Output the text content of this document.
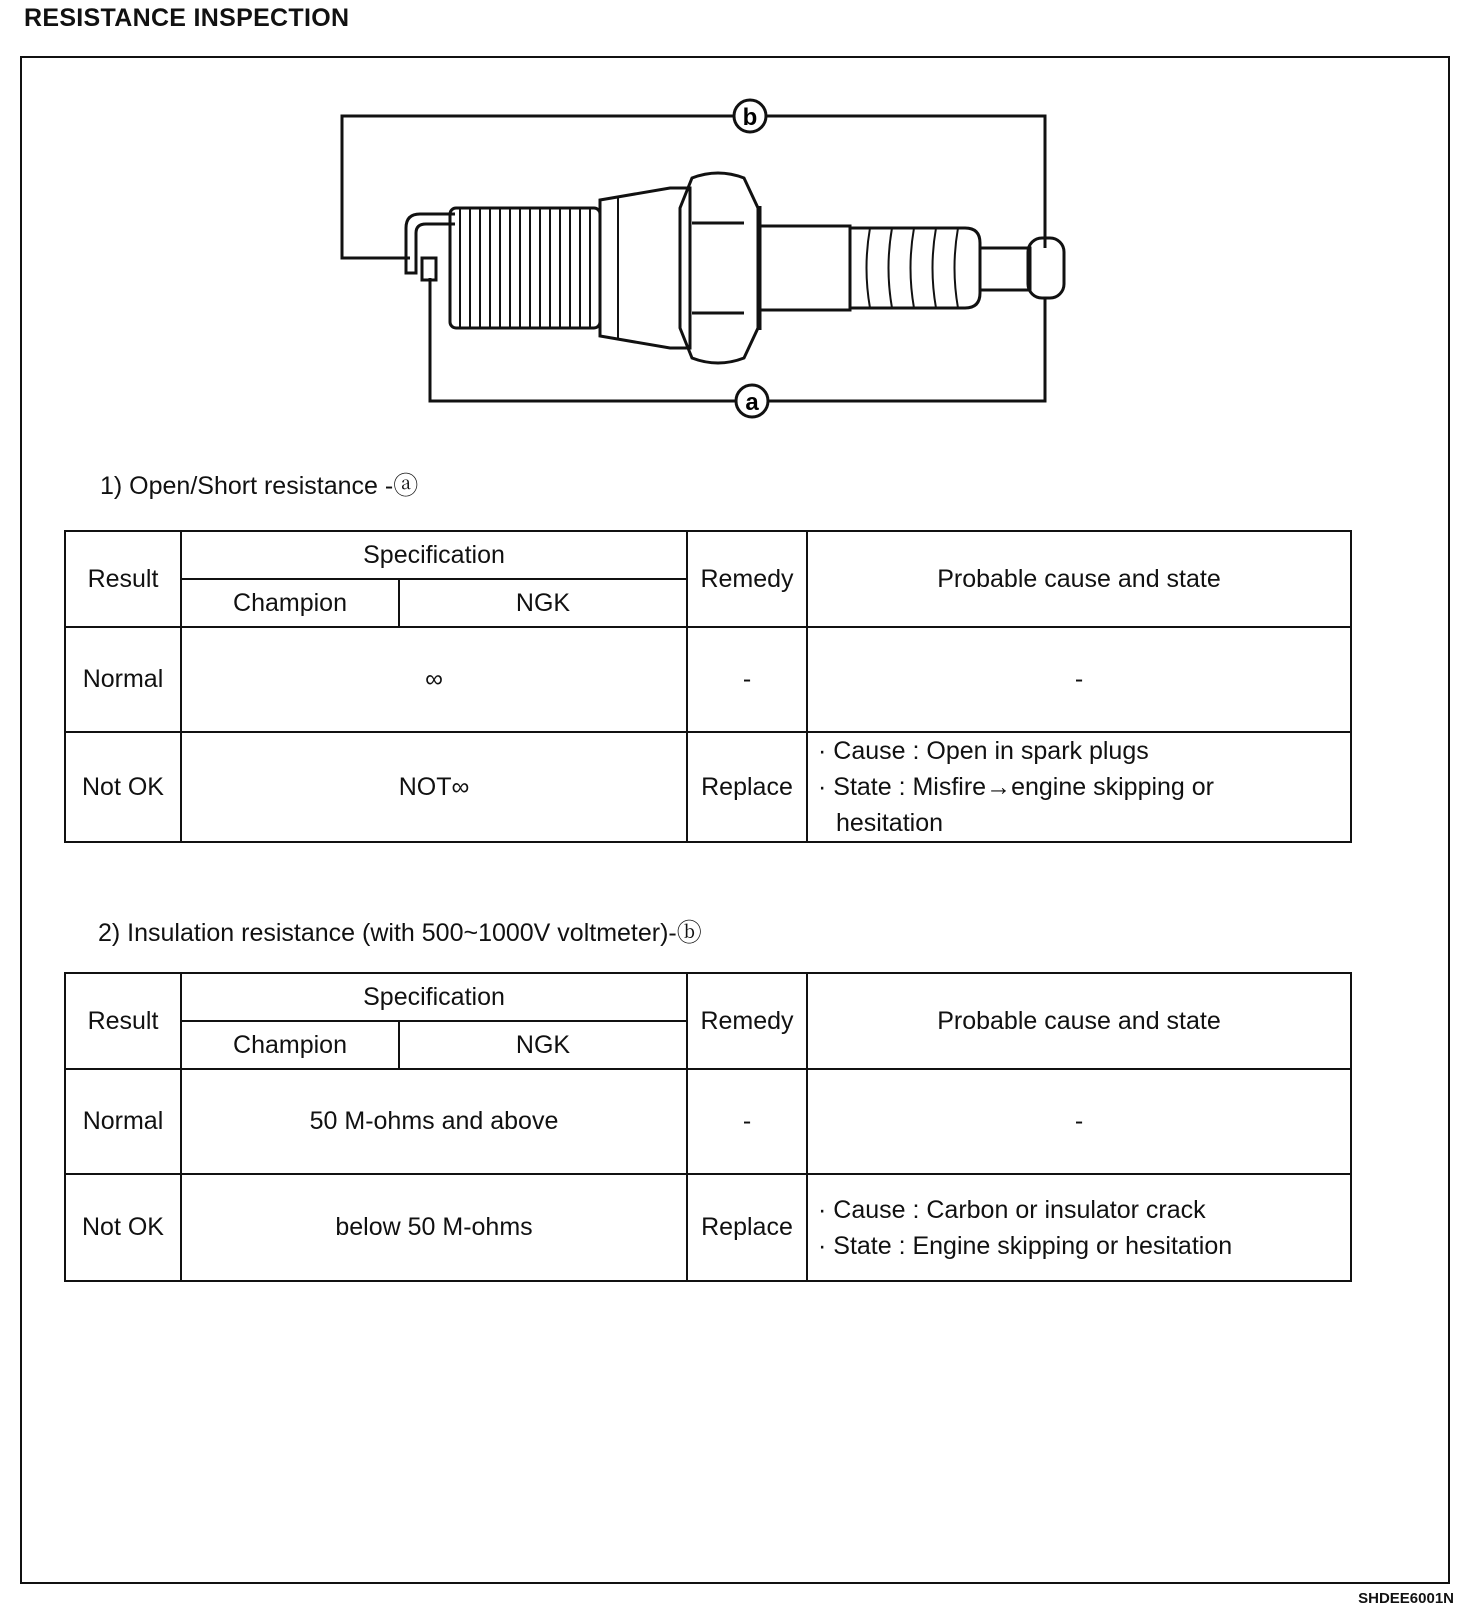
RESISTANCE INSPECTION
b
a
1) Open/Short resistance -ⓐ
Result	Specification		Remedy	Probable cause and state
	Champion	NGK		
Normal	∞		-	-
Not OK	NOT∞		Replace	· Cause : Open in spark plugs
· State : Misfire→engine skipping or
hesitation
2) Insulation resistance (with 500~1000V voltmeter)-ⓑ
Result	Specification		Remedy	Probable cause and state
	Champion	NGK		
Normal	50 M-ohms and above		-	-
Not OK	below 50 M-ohms		Replace	· Cause : Carbon or insulator crack
· State : Engine skipping or hesitation
SHDEE6001N
